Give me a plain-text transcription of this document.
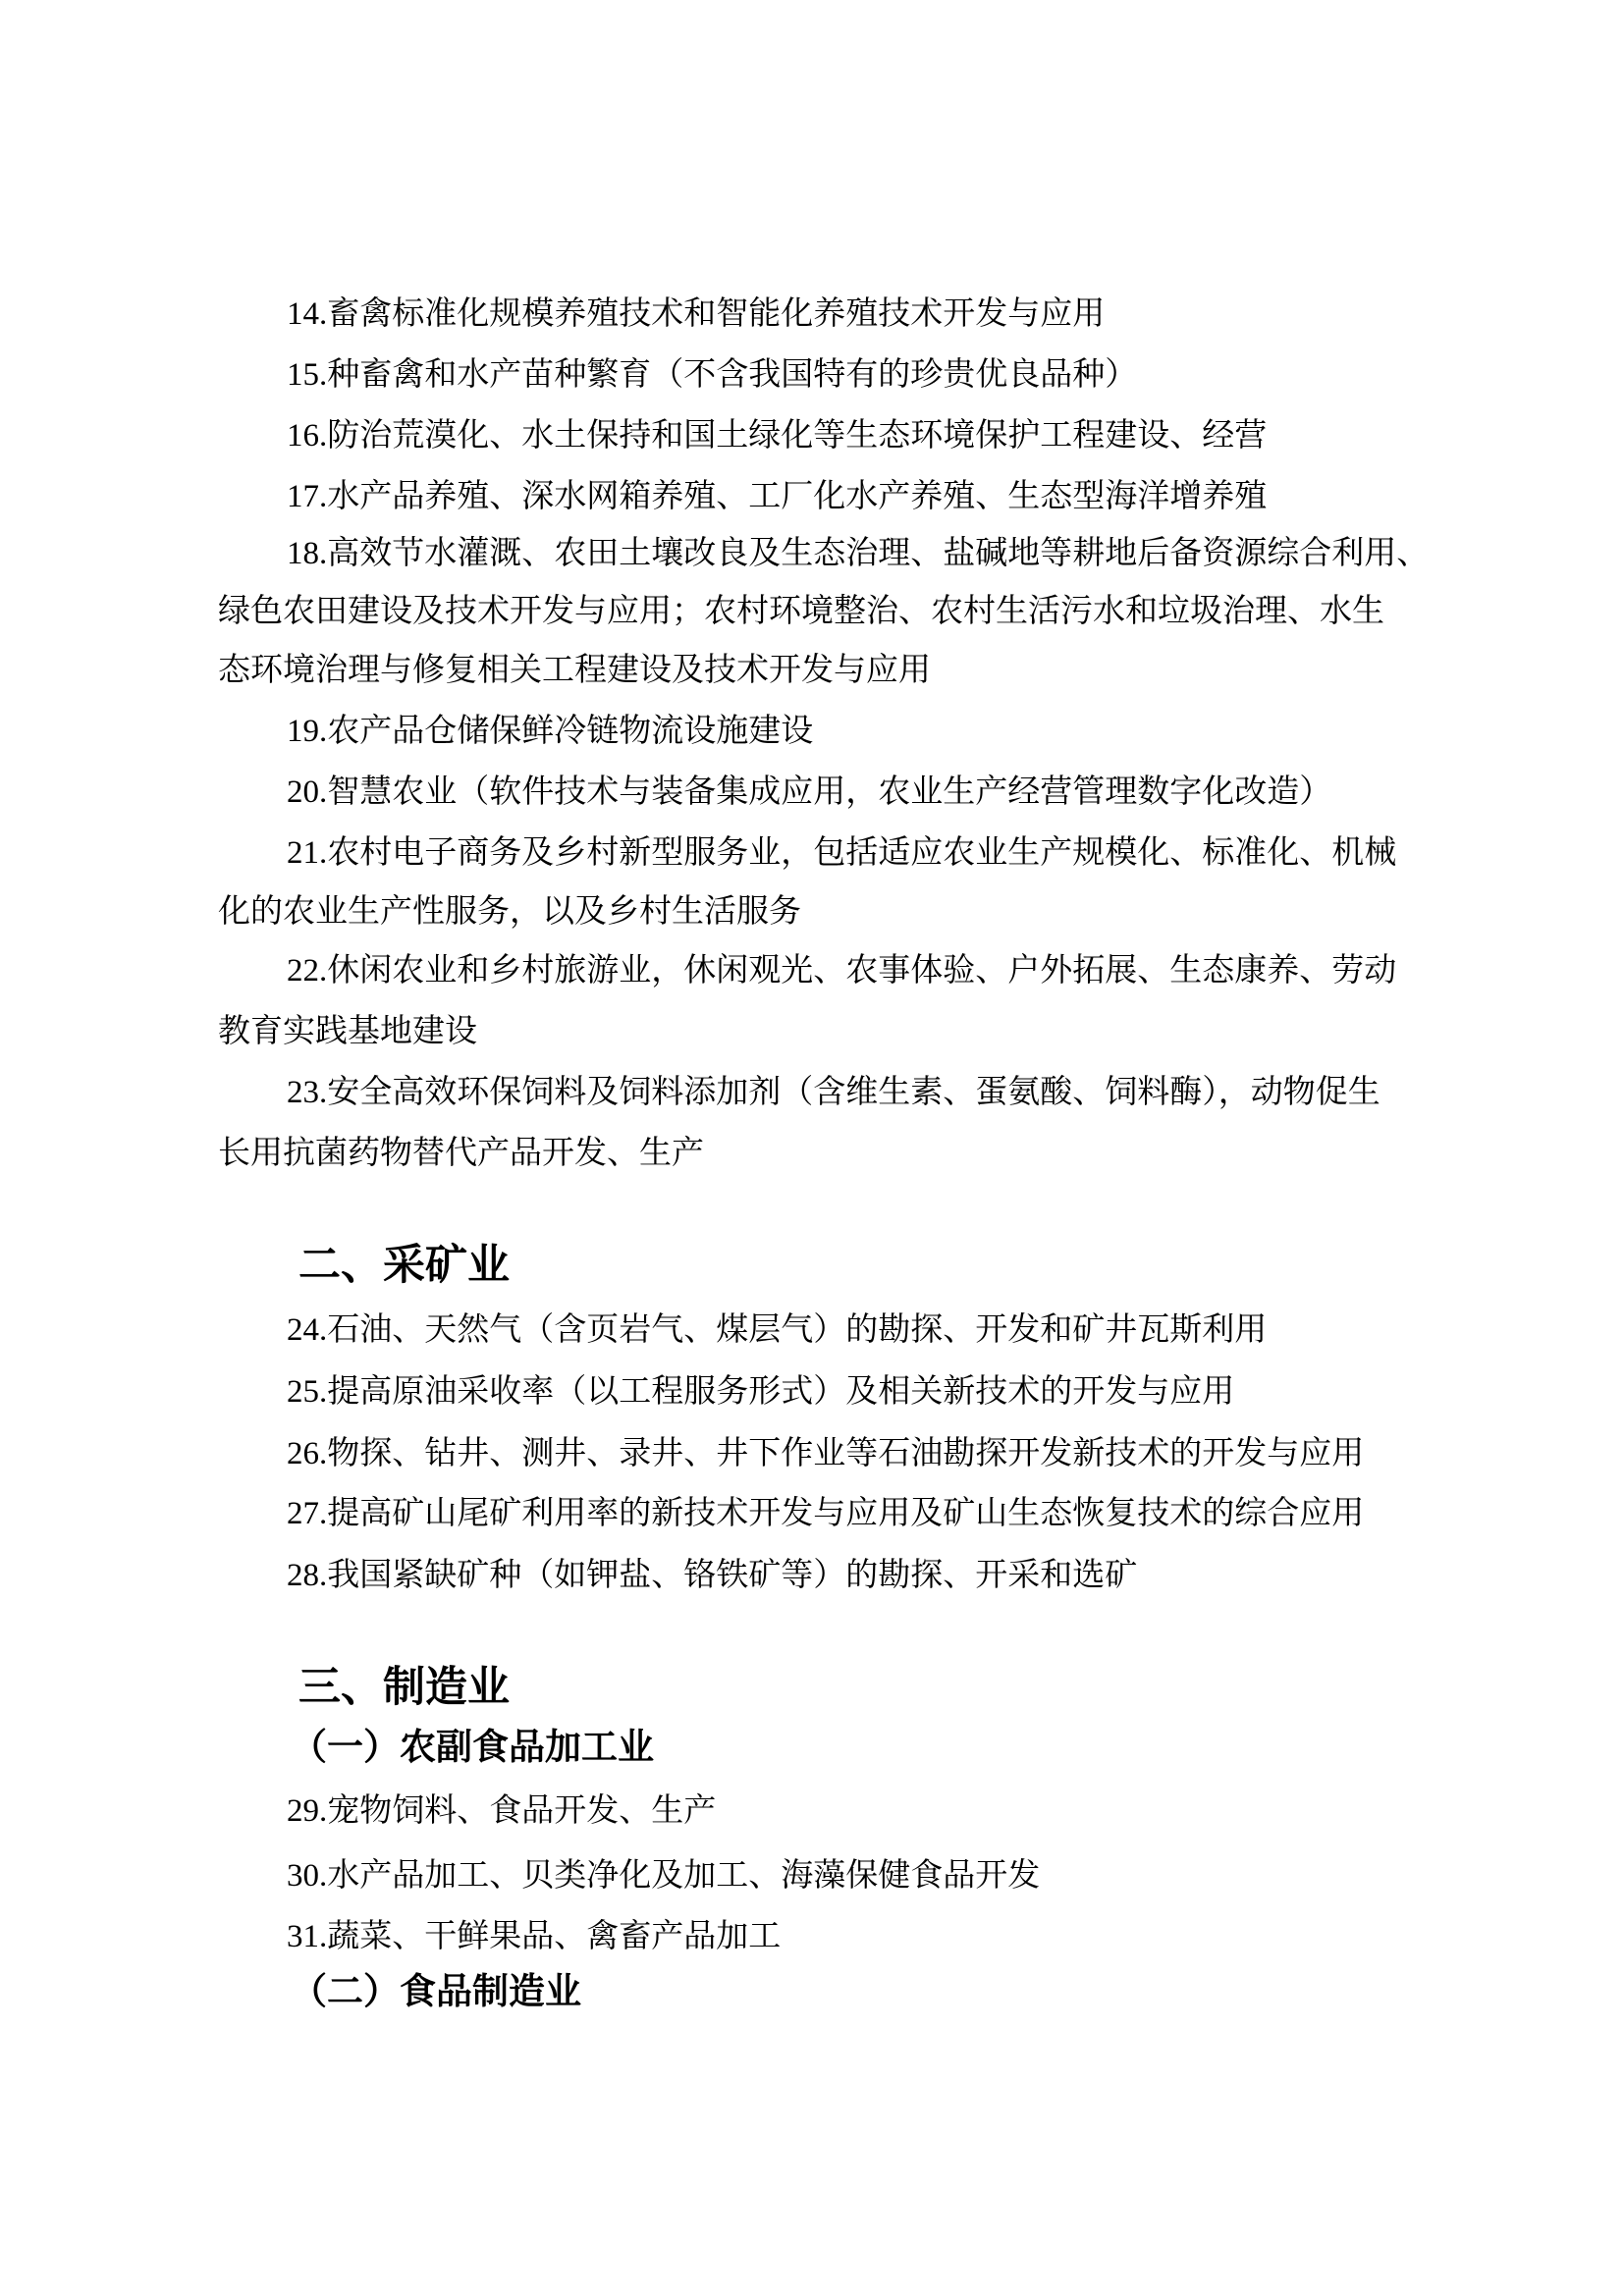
14.畜禽标准化规模养殖技术和智能化养殖技术开发与应用
15.种畜禽和水产苗种繁育（不含我国特有的珍贵优良品种）
16.防治荒漠化、水土保持和国土绿化等生态环境保护工程建设、经营
17.水产品养殖、深水网箱养殖、工厂化水产养殖、生态型海洋增养殖
18.高效节水灌溉、农田土壤改良及生态治理、盐碱地等耕地后备资源综合利用、
绿色农田建设及技术开发与应用；农村环境整治、农村生活污水和垃圾治理、水生
态环境治理与修复相关工程建设及技术开发与应用
19.农产品仓储保鲜冷链物流设施建设
20.智慧农业（软件技术与装备集成应用，农业生产经营管理数字化改造）
21.农村电子商务及乡村新型服务业，包括适应农业生产规模化、标准化、机械
化的农业生产性服务，以及乡村生活服务
22.休闲农业和乡村旅游业，休闲观光、农事体验、户外拓展、生态康养、劳动
教育实践基地建设
23.安全高效环保饲料及饲料添加剂（含维生素、蛋氨酸、饲料酶），动物促生
长用抗菌药物替代产品开发、生产
二、采矿业
24.石油、天然气（含页岩气、煤层气）的勘探、开发和矿井瓦斯利用
25.提高原油采收率（以工程服务形式）及相关新技术的开发与应用
26.物探、钻井、测井、录井、井下作业等石油勘探开发新技术的开发与应用
27.提高矿山尾矿利用率的新技术开发与应用及矿山生态恢复技术的综合应用
28.我国紧缺矿种（如钾盐、铬铁矿等）的勘探、开采和选矿
三、制造业
（一）农副食品加工业
29.宠物饲料、食品开发、生产
30.水产品加工、贝类净化及加工、海藻保健食品开发
31.蔬菜、干鲜果品、禽畜产品加工
（二）食品制造业
